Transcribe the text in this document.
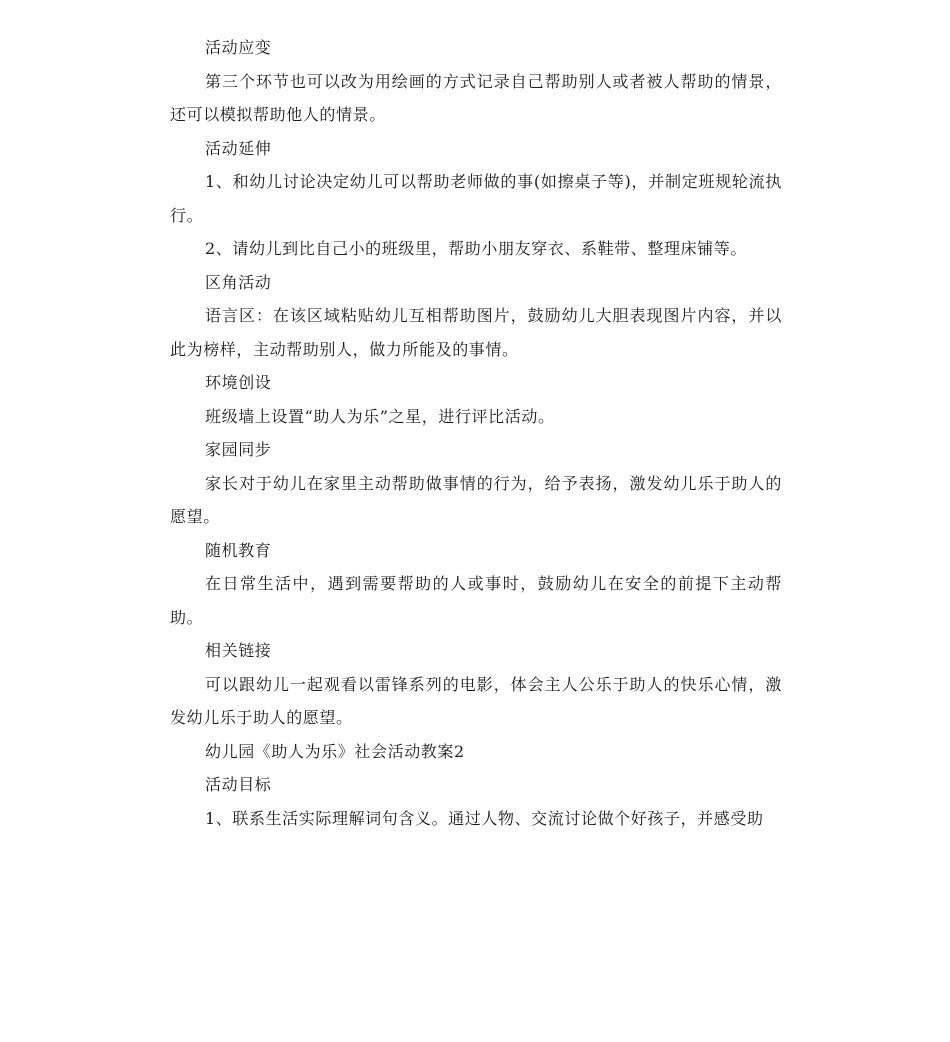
活动应变

第三个环节也可以改为用绘画的方式记录自己帮助别人或者被人帮助的情景，还可以模拟帮助他人的情景。

活动延伸

1、和幼儿讨论决定幼儿可以帮助老师做的事(如擦桌子等)，并制定班规轮流执行。

2、请幼儿到比自己小的班级里，帮助小朋友穿衣、系鞋带、整理床铺等。

区角活动

语言区：在该区域粘贴幼儿互相帮助图片，鼓励幼儿大胆表现图片内容，并以此为榜样，主动帮助别人，做力所能及的事情。

环境创设

班级墙上设置“助人为乐”之星，进行评比活动。

家园同步

家长对于幼儿在家里主动帮助做事情的行为，给予表扬，激发幼儿乐于助人的愿望。

随机教育

在日常生活中，遇到需要帮助的人或事时，鼓励幼儿在安全的前提下主动帮助。

相关链接

可以跟幼儿一起观看以雷锋系列的电影，体会主人公乐于助人的快乐心情，激发幼儿乐于助人的愿望。

幼儿园《助人为乐》社会活动教案2

活动目标

1、联系生活实际理解词句含义。通过人物、交流讨论做个好孩子，并感受助
